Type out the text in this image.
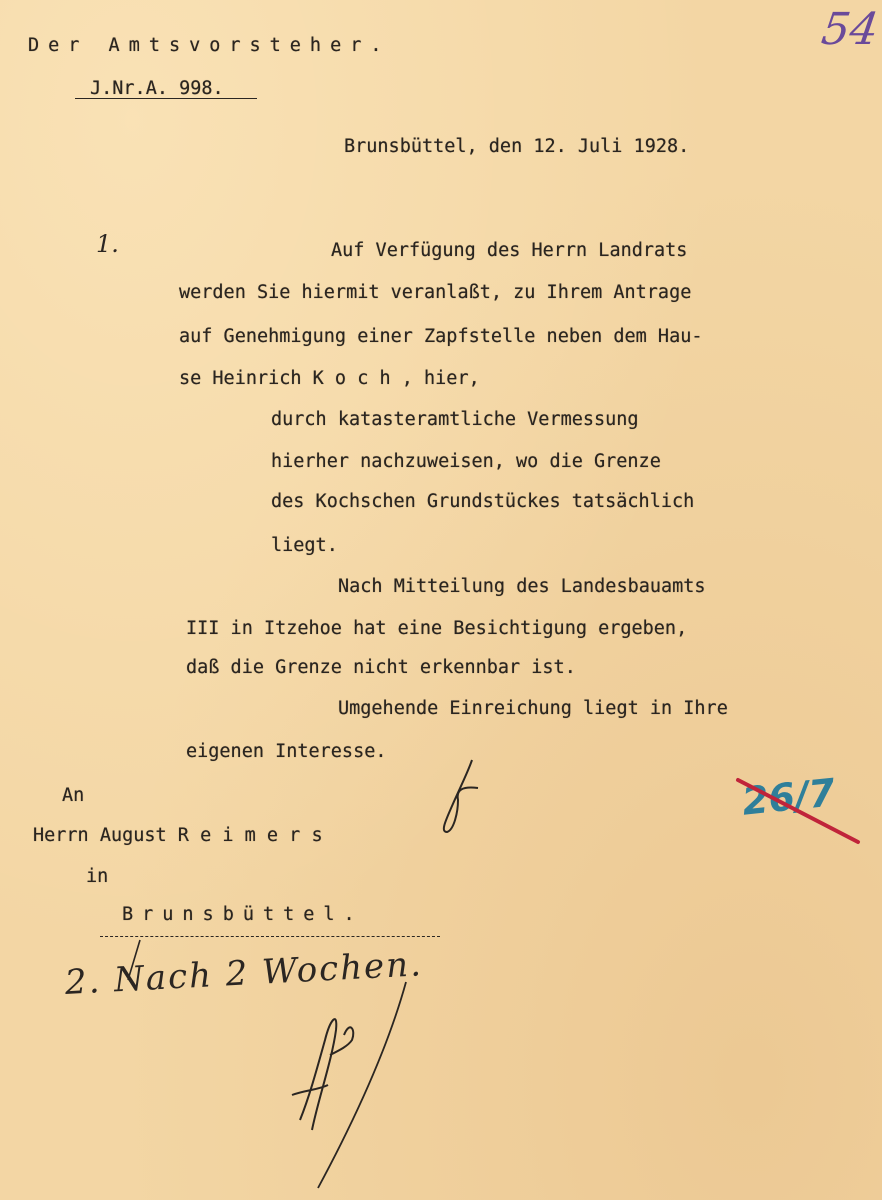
Der Amtsvorsteher.
J.Nr.A. 998.
54
Brunsbüttel, den 12. Juli 1928.
1.	Auf Verfügung des Herrn Landrats
werden Sie hiermit veranlaßt, zu Ihrem Antrage
auf Genehmigung einer Zapfstelle neben dem Hau-
se Heinrich K o c h , hier,
durch katasteramtliche Vermessung
hierher nachzuweisen, wo die Grenze
des Kochschen Grundstückes tatsächlich
liegt.
Nach Mitteilung des Landesbauamts
III in Itzehoe hat eine Besichtigung ergeben,
daß die Grenze nicht erkennbar ist.
Umgehende Einreichung liegt in Ihre
eigenen Interesse.
An
Herrn August R e i m e r s
in
Brunsbüttel.
2. Nach 2 Wochen.
26/7
